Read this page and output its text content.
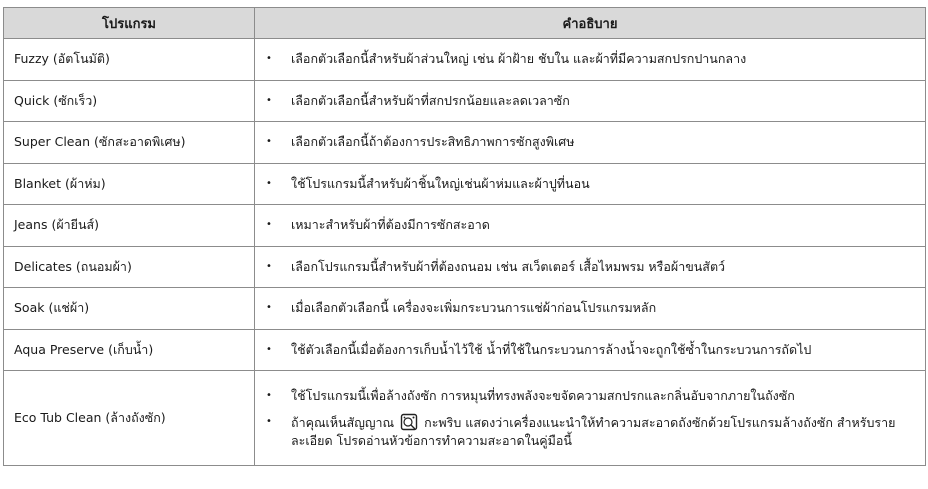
โปรแกรม	คำอธิบาย
Fuzzy (อัตโนมัติ)	• เลือกตัวเลือกนี้สำหรับผ้าส่วนใหญ่ เช่น ผ้าฝ้าย ชับใน และผ้าที่มีความสกปรกปานกลาง

Quick (ซักเร็ว)	• เลือกตัวเลือกนี้สำหรับผ้าที่สกปรกน้อยและลดเวลาซัก

Super Clean (ซักสะอาดพิเศษ)	• เลือกตัวเลือกนี้ถ้าต้องการประสิทธิภาพการซักสูงพิเศษ

Blanket (ผ้าห่ม)	• ใช้โปรแกรมนี้สำหรับผ้าชิ้นใหญ่เช่นผ้าห่มและผ้าปูที่นอน

Jeans (ผ้ายีนส์)	• เหมาะสำหรับผ้าที่ต้องมีการซักสะอาด

Delicates (ถนอมผ้า)	• เลือกโปรแกรมนี้สำหรับผ้าที่ต้องถนอม เช่น สเว็ตเตอร์ เสื้อไหมพรม หรือผ้าขนสัตว์

Soak (แช่ผ้า)	• เมื่อเลือกตัวเลือกนี้ เครื่องจะเพิ่มกระบวนการแช่ผ้าก่อนโปรแกรมหลัก

Aqua Preserve (เก็บน้ำ)	• ใช้ตัวเลือกนี้เมื่อต้องการเก็บน้ำไว้ใช้ น้ำที่ใช้ในกระบวนการล้างน้ำจะถูกใช้ซ้ำในกระบวนการถัดไป

Eco Tub Clean (ล้างถังซัก)	• ใช้โปรแกรมนี้เพื่อล้างถังซัก การหมุนที่ทรงพลังจะขจัดความสกปรกและกลิ่นอับจากภายในถังซัก
• ถ้าคุณเห็นสัญญาณ กะพริบ แสดงว่าเครื่องแนะนำให้ทำความสะอาดถังซักด้วยโปรแกรมล้างถังซัก สำหรับรายละเอียด โปรดอ่านหัวข้อการทำความสะอาดในคู่มือนี้
